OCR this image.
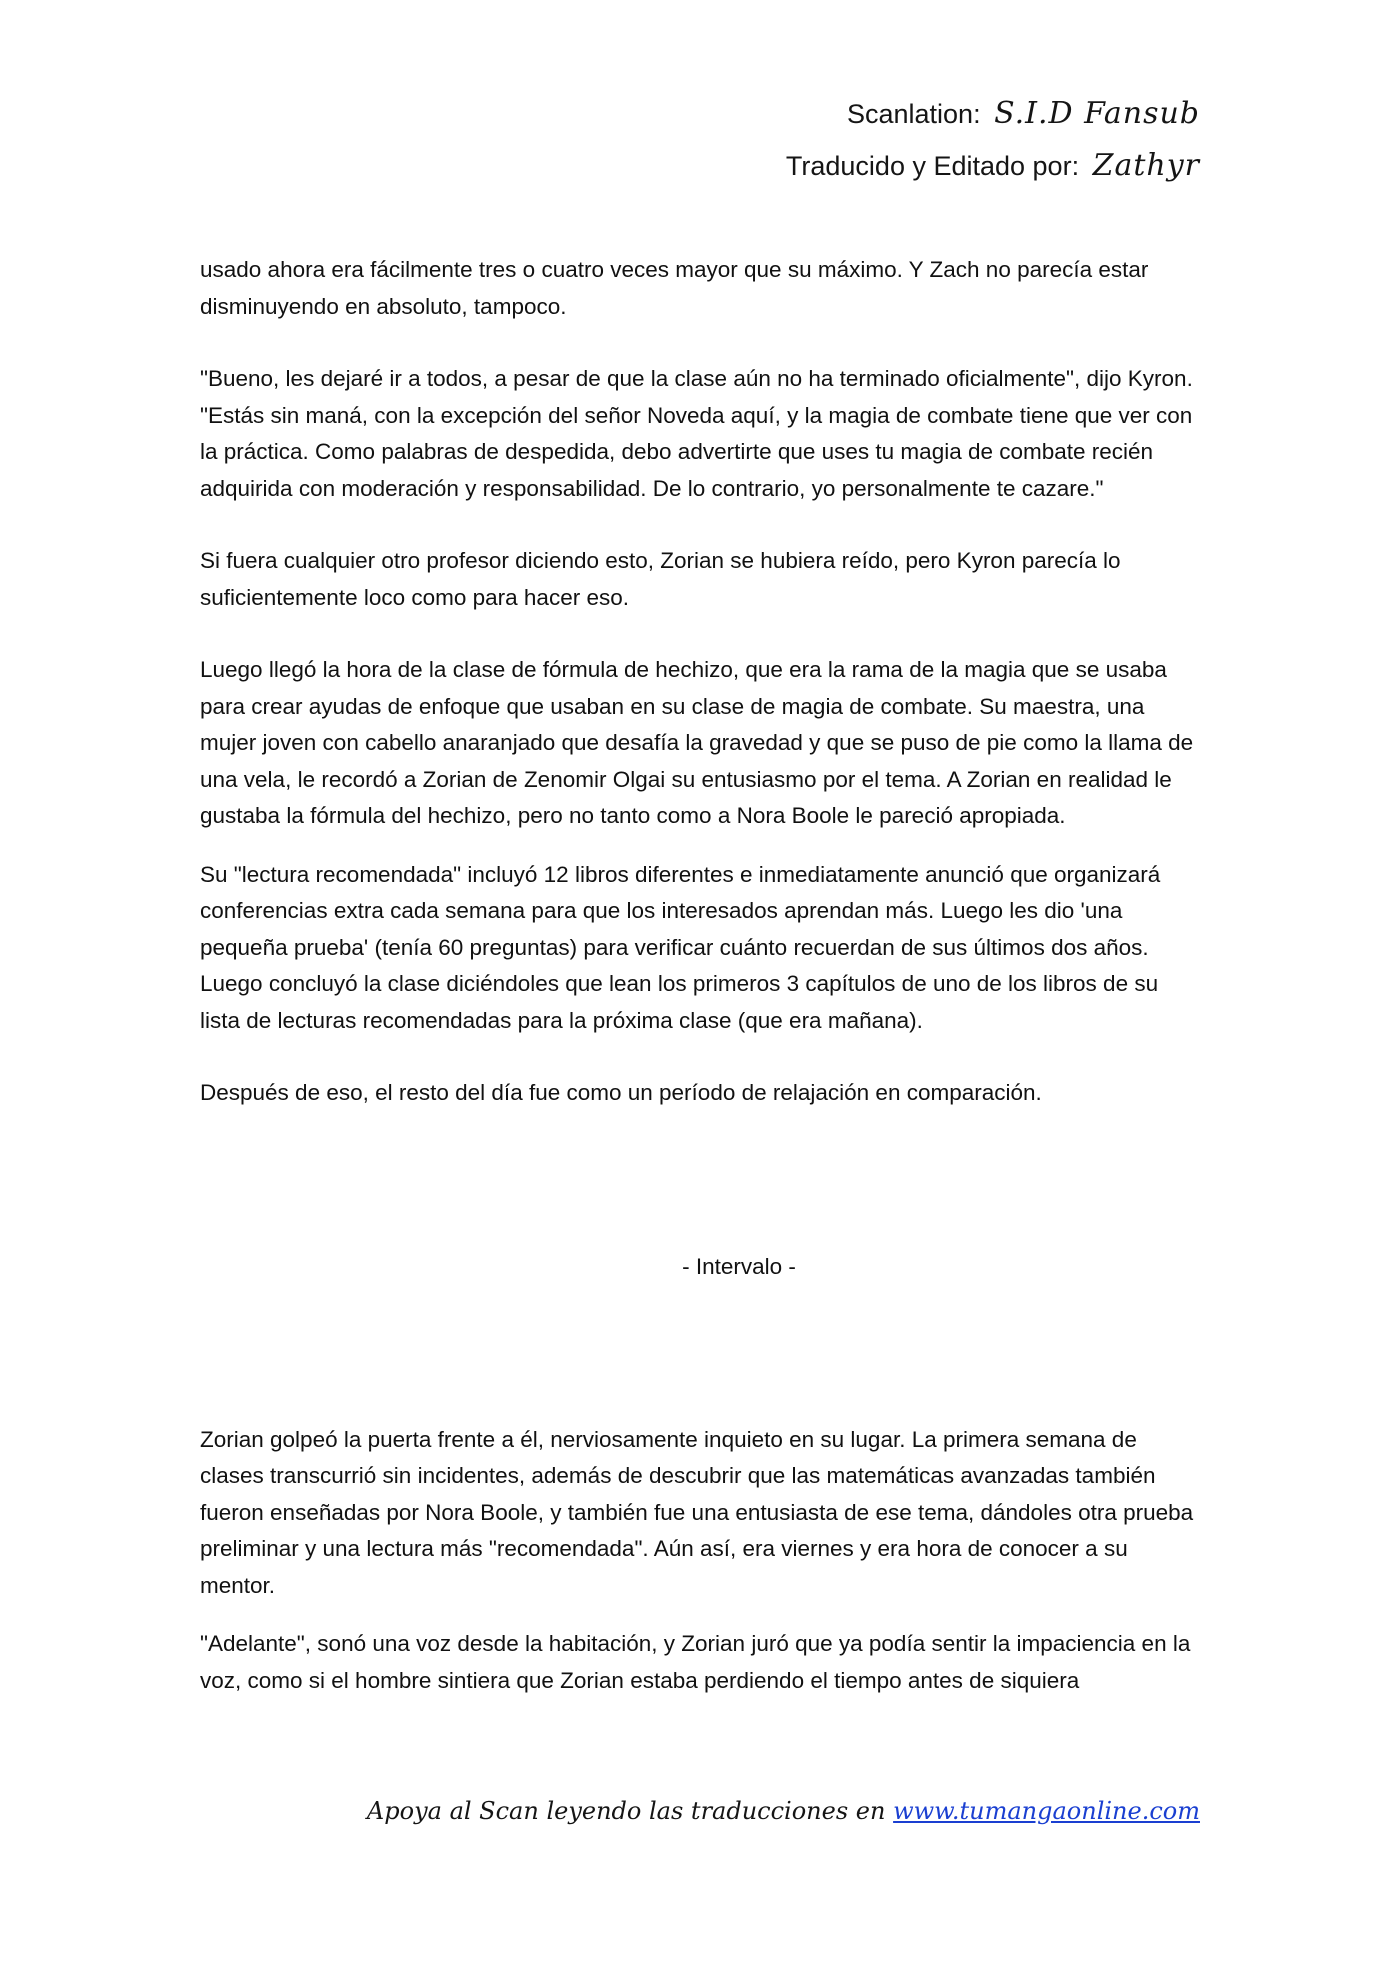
Scanlation: S.I.D Fansub
Traducido y Editado por: Zathyr

usado ahora era fácilmente tres o cuatro veces mayor que su máximo. Y Zach no parecía estar disminuyendo en absoluto, tampoco.

"Bueno, les dejaré ir a todos, a pesar de que la clase aún no ha terminado oficialmente", dijo Kyron. "Estás sin maná, con la excepción del señor Noveda aquí, y la magia de combate tiene que ver con la práctica. Como palabras de despedida, debo advertirte que uses tu magia de combate recién adquirida con moderación y responsabilidad. De lo contrario, yo personalmente te cazare."

Si fuera cualquier otro profesor diciendo esto, Zorian se hubiera reído, pero Kyron parecía lo suficientemente loco como para hacer eso.

Luego llegó la hora de la clase de fórmula de hechizo, que era la rama de la magia que se usaba para crear ayudas de enfoque que usaban en su clase de magia de combate. Su maestra, una mujer joven con cabello anaranjado que desafía la gravedad y que se puso de pie como la llama de una vela, le recordó a Zorian de Zenomir Olgai su entusiasmo por el tema. A Zorian en realidad le gustaba la fórmula del hechizo, pero no tanto como a Nora Boole le pareció apropiada.

Su "lectura recomendada" incluyó 12 libros diferentes e inmediatamente anunció que organizará conferencias extra cada semana para que los interesados aprendan más. Luego les dio 'una pequeña prueba' (tenía 60 preguntas) para verificar cuánto recuerdan de sus últimos dos años. Luego concluyó la clase diciéndoles que lean los primeros 3 capítulos de uno de los libros de su lista de lecturas recomendadas para la próxima clase (que era mañana).

Después de eso, el resto del día fue como un período de relajación en comparación.

- Intervalo -

Zorian golpeó la puerta frente a él, nerviosamente inquieto en su lugar. La primera semana de clases transcurrió sin incidentes, además de descubrir que las matemáticas avanzadas también fueron enseñadas por Nora Boole, y también fue una entusiasta de ese tema, dándoles otra prueba preliminar y una lectura más "recomendada". Aún así, era viernes y era hora de conocer a su mentor.

"Adelante", sonó una voz desde la habitación, y Zorian juró que ya podía sentir la impaciencia en la voz, como si el hombre sintiera que Zorian estaba perdiendo el tiempo antes de siquiera

Apoya al Scan leyendo las traducciones en www.tumangaonline.com
